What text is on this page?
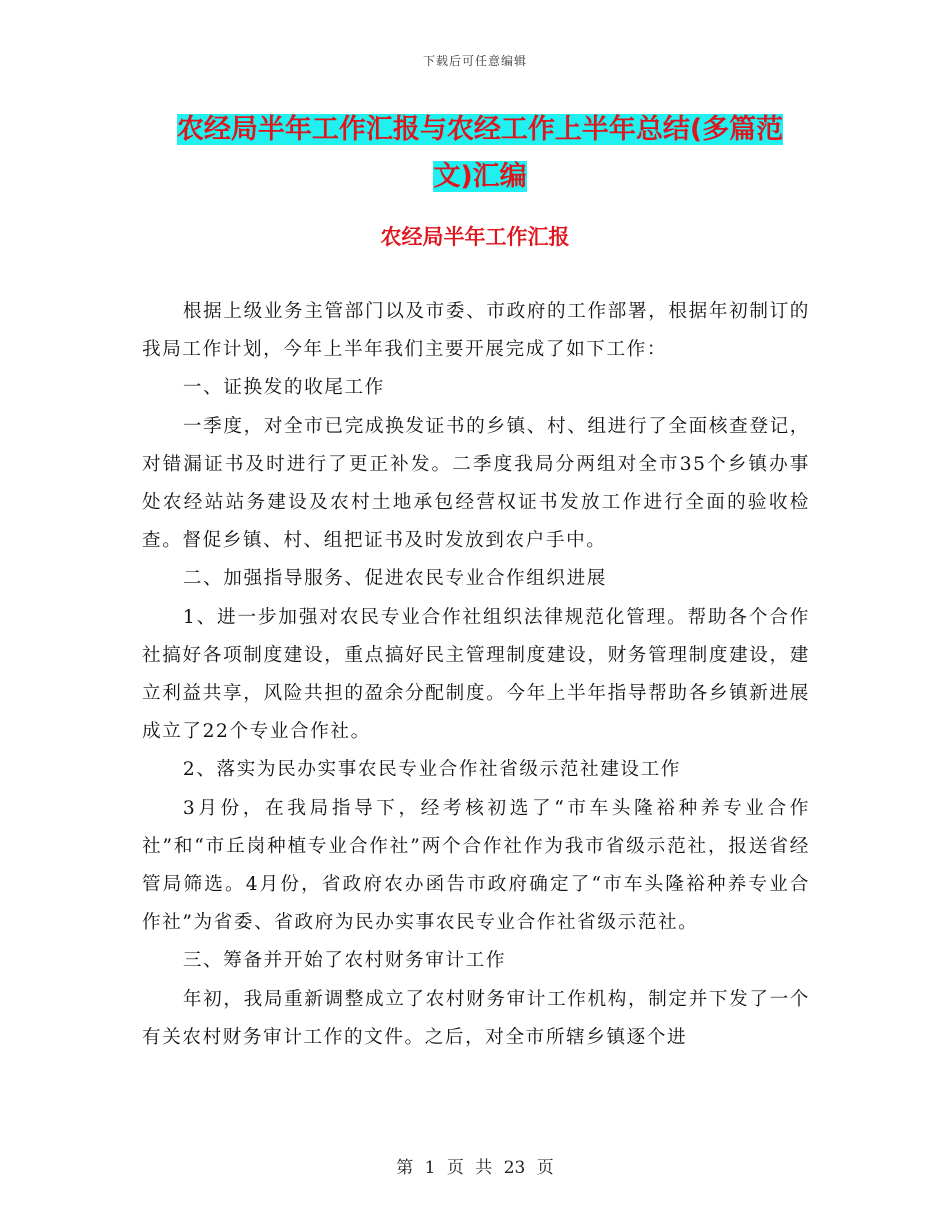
下载后可任意编辑
农经局半年工作汇报与农经工作上半年总结(多篇范
文)汇编
农经局半年工作汇报

根据上级业务主管部门以及市委、市政府的工作部署，根据年初制订的我局工作计划，今年上半年我们主要开展完成了如下工作：

一、证换发的收尾工作

一季度，对全市已完成换发证书的乡镇、村、组进行了全面核查登记，对错漏证书及时进行了更正补发。二季度我局分两组对全市35个乡镇办事处农经站站务建设及农村土地承包经营权证书发放工作进行全面的验收检查。督促乡镇、村、组把证书及时发放到农户手中。

二、加强指导服务、促进农民专业合作组织进展

1、进一步加强对农民专业合作社组织法律规范化管理。帮助各个合作社搞好各项制度建设，重点搞好民主管理制度建设，财务管理制度建设，建立利益共享，风险共担的盈余分配制度。今年上半年指导帮助各乡镇新进展成立了22个专业合作社。

2、落实为民办实事农民专业合作社省级示范社建设工作

3月份，在我局指导下，经考核初选了“市车头隆裕种养专业合作社”和“市丘岗种植专业合作社”两个合作社作为我市省级示范社，报送省经管局筛选。4月份，省政府农办函告市政府确定了“市车头隆裕种养专业合作社”为省委、省政府为民办实事农民专业合作社省级示范社。

三、筹备并开始了农村财务审计工作

年初，我局重新调整成立了农村财务审计工作机构，制定并下发了一个有关农村财务审计工作的文件。之后，对全市所辖乡镇逐个进

第 1 页 共 23 页
